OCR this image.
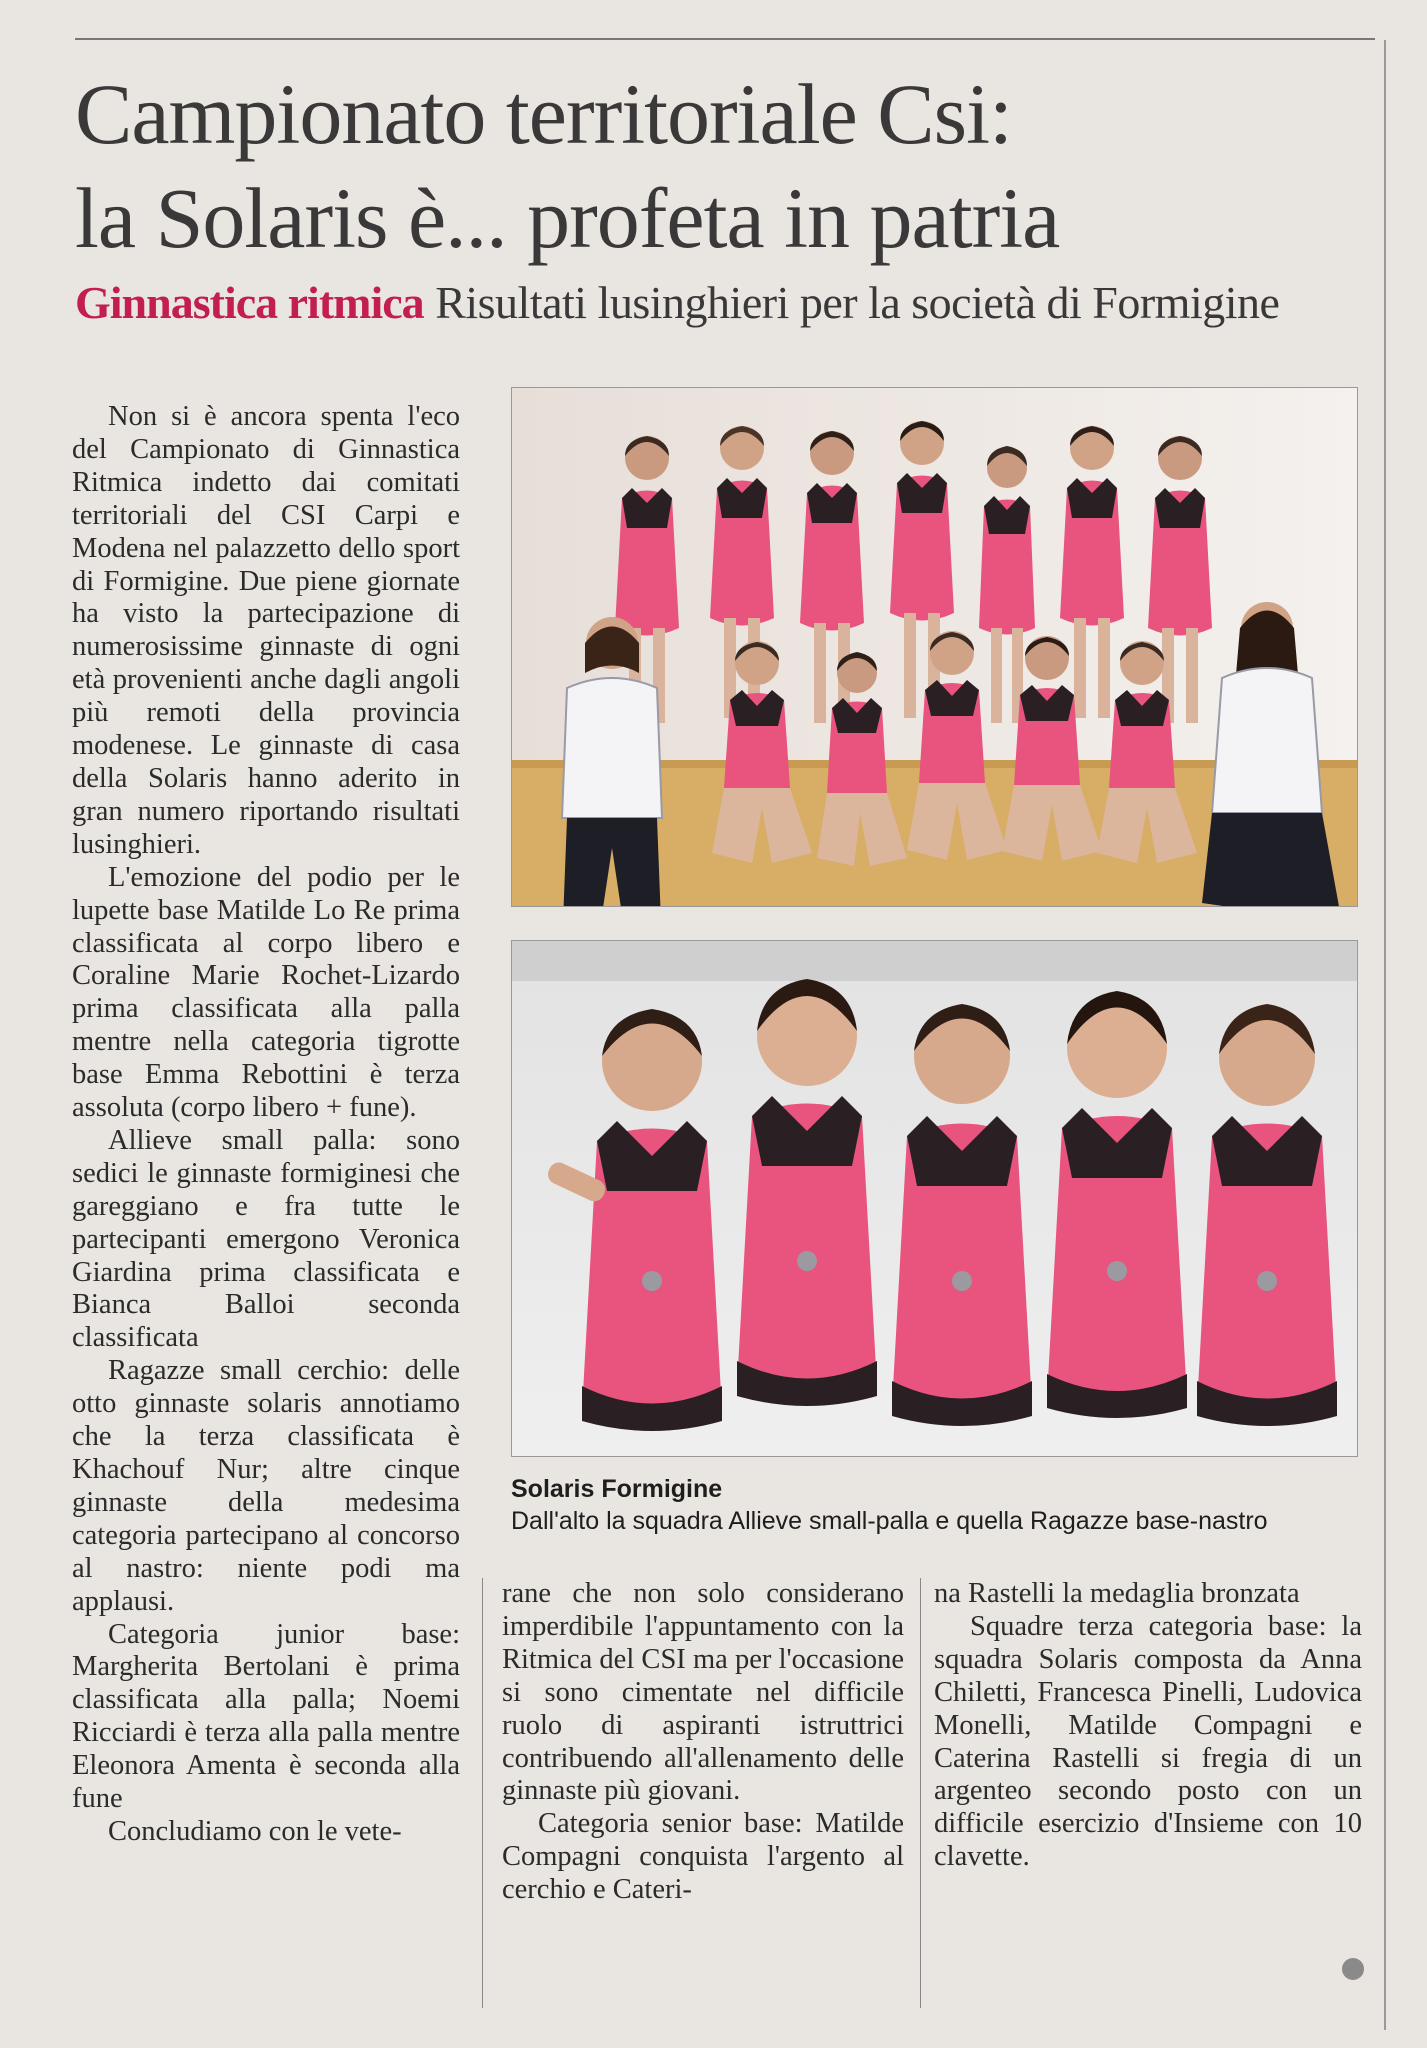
Campionato territoriale Csi:
la Solaris è... profeta in patria
Ginnastica ritmica Risultati lusinghieri per la società di Formigine

Non si è ancora spenta l'eco del Campionato di Ginnastica Ritmica indetto dai comitati territoriali del CSI Carpi e Modena nel palazzetto dello sport di Formigine. Due piene giornate ha visto la partecipazione di numerosissime ginnaste di ogni età provenienti anche dagli angoli più remoti della provincia modenese. Le ginnaste di casa della Solaris hanno aderito in gran numero riportando risultati lusinghieri.

L'emozione del podio per le lupette base Matilde Lo Re prima classificata al corpo libero e Coraline Marie Rochet-Lizardo prima classificata alla palla mentre nella categoria tigrotte base Emma Rebottini è terza assoluta (corpo libero + fune).

Allieve small palla: sono sedici le ginnaste formiginesi che gareggiano e fra tutte le partecipanti emergono Veronica Giardina prima classificata e Bianca Balloi seconda classificata

Ragazze small cerchio: delle otto ginnaste solaris annotiamo che la terza classificata è Khachouf Nur; altre cinque ginnaste della medesima categoria partecipano al concorso al nastro: niente podi ma applausi.

Categoria junior base: Margherita Bertolani è prima classificata alla palla; Noemi Ricciardi è terza alla palla mentre Eleonora Amenta è seconda alla fune

Concludiamo con le vete-

Solaris Formigine
Dall'alto la squadra Allieve small-palla e quella Ragazze base-nastro

rane che non solo considerano imperdibile l'appuntamento con la Ritmica del CSI ma per l'occasione si sono cimentate nel difficile ruolo di aspiranti istruttrici contribuendo all'allenamento delle ginnaste più giovani.

Categoria senior base: Matilde Compagni conquista l'argento al cerchio e Cateri-

na Rastelli la medaglia bronzata

Squadre terza categoria base: la squadra Solaris composta da Anna Chiletti, Francesca Pinelli, Ludovica Monelli, Matilde Compagni e Caterina Rastelli si fregia di un argenteo secondo posto con un difficile esercizio d'Insieme con 10 clavette.
